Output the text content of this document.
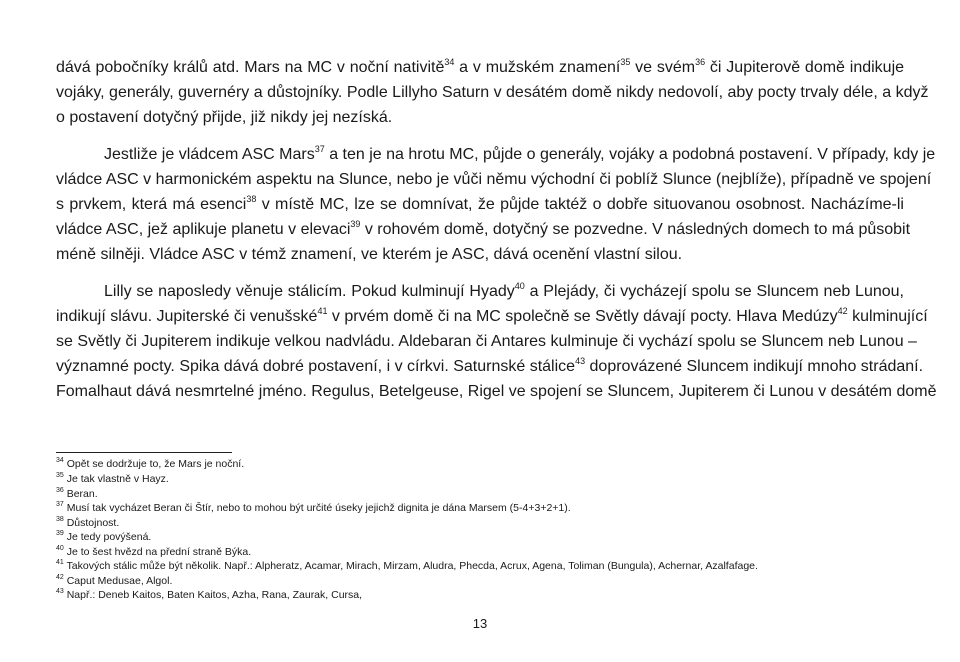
dává pobočníky králů atd. Mars na MC v noční nativitě$^{34}$ a v mužském znamení$^{35}$ ve svém$^{36}$ či Jupiterově domě indikuje
vojáky, generály, guvernéry a důstojníky. Podle Lillyho Saturn v desátém domě nikdy nedovolí, aby pocty trvaly déle, a když
o postavení dotyčný přijde, již nikdy jej nezíská.
Jestliže je vládcem ASC Mars$^{37}$ a ten je na hrotu MC, půjde o generály, vojáky a podobná postavení. V případy, kdy je
vládce ASC v harmonickém aspektu na Slunce, nebo je vůči němu východní či poblíž Slunce (nejblíže), případně ve spojení
s prvkem, která má esenci$^{38}$ v místě MC, lze se domnívat, že půjde taktéž o dobře situovanou osobnost. Nacházíme-li
vládce ASC, jež aplikuje planetu v elevaci$^{39}$ v rohovém domě, dotyčný se pozvedne. V následných domech to má působit
méně silněji. Vládce ASC v témž znamení, ve kterém je ASC, dává ocenění vlastní silou.
Lilly se naposledy věnuje stálicím. Pokud kulminují Hyady$^{40}$ a Plejády, či vycházejí spolu se Sluncem neb Lunou,
indikují slávu. Jupiterské či venušské$^{41}$ v prvém domě či na MC společně se Světly dávají pocty. Hlava Medúzy$^{42}$ kulminující
se Světly či Jupiterem indikuje velkou nadvládu. Aldebaran či Antares kulminuje či vychází spolu se Sluncem neb Lunou –
významné pocty. Spika dává dobré postavení, i v církvi. Saturnské stálice$^{43}$ doprovázené Sluncem indikují mnoho strádaní.
Fomalhaut dává nesmrtelné jméno. Regulus, Betelgeuse, Rigel ve spojení se Sluncem, Jupiterem či Lunou v desátém domě
$^{34}$ Opět se dodržuje to, že Mars je noční.
$^{35}$ Je tak vlastně v Hayz.
$^{36}$ Beran.
$^{37}$ Musí tak vycházet Beran či Štír, nebo to mohou být určité úseky jejichž dignita je dána Marsem (5-4+3+2+1).
$^{38}$ Důstojnost.
$^{39}$ Je tedy povýšená.
$^{40}$ Je to šest hvězd na přední straně Býka.
$^{41}$ Takových stálic může být několik. Např.: Alpheratz, Acamar, Mirach, Mirzam, Aludra, Phecda, Acrux, Agena, Toliman (Bungula), Achernar, Azalfafage.
$^{42}$ Caput Medusae, Algol.
$^{43}$ Např.: Deneb Kaitos, Baten Kaitos, Azha, Rana, Zaurak, Cursa,
13
